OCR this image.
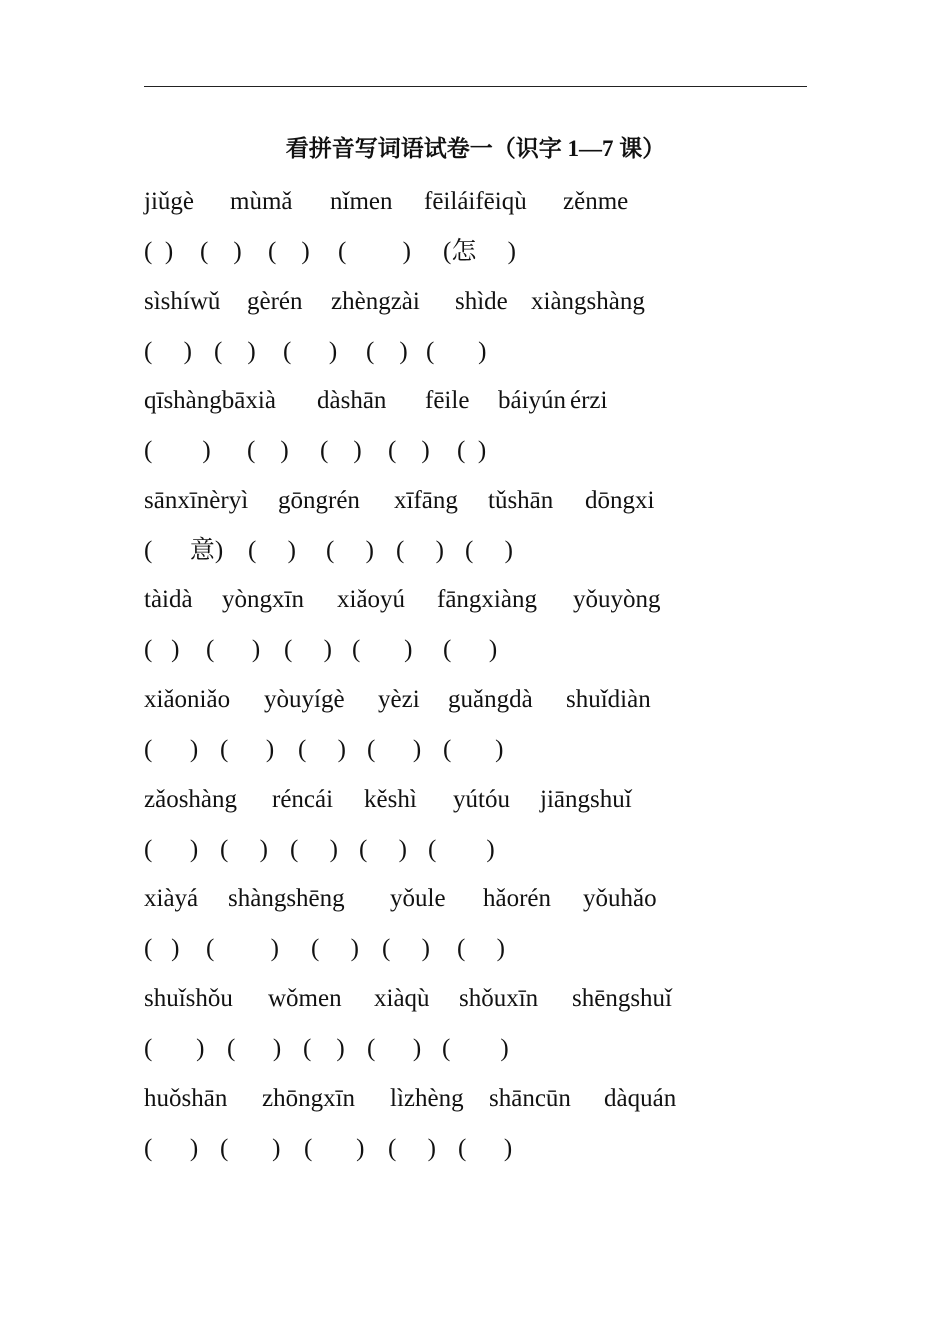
看拼音写词语试卷一（识字 1—7 课）
jiǔgè mùmǎ nǐmen fēiláifēiqù zěnme
(  ) (    ) (    ) (         ) (怎     )
sìshíwǔ gèrén zhèngzài shìde xiàngshàng
(     ) (    ) (      ) (    ) (       )
qīshàngbāxià dàshān fēile báiyún érzi
(        ) (    ) (    ) (    ) (  )
sānxīnèryì gōngrén xīfāng tǔshān dōngxi
(      意) (     ) (     ) (     ) (     )
tàidà yòngxīn xiǎoyú fāngxiàng yǒuyòng
(   ) (      ) (     ) (       ) (      )
xiǎoniǎo yòuyígè yèzi guǎngdà shuǐdiàn
(      ) (      ) (     ) (      ) (       )
zǎoshàng réncái kěshì yútóu jiāngshuǐ
(      ) (     ) (     ) (     ) (        )
xiàyá shàngshēng yǒule hǎorén yǒuhǎo
(   ) (         ) (     ) (     ) (     )
shuǐshǒu wǒmen xiàqù shǒuxīn shēngshuǐ
(       ) (      ) (    ) (      ) (        )
huǒshān zhōngxīn lìzhèng shāncūn dàquán
(      ) (       ) (       ) (     ) (      )
